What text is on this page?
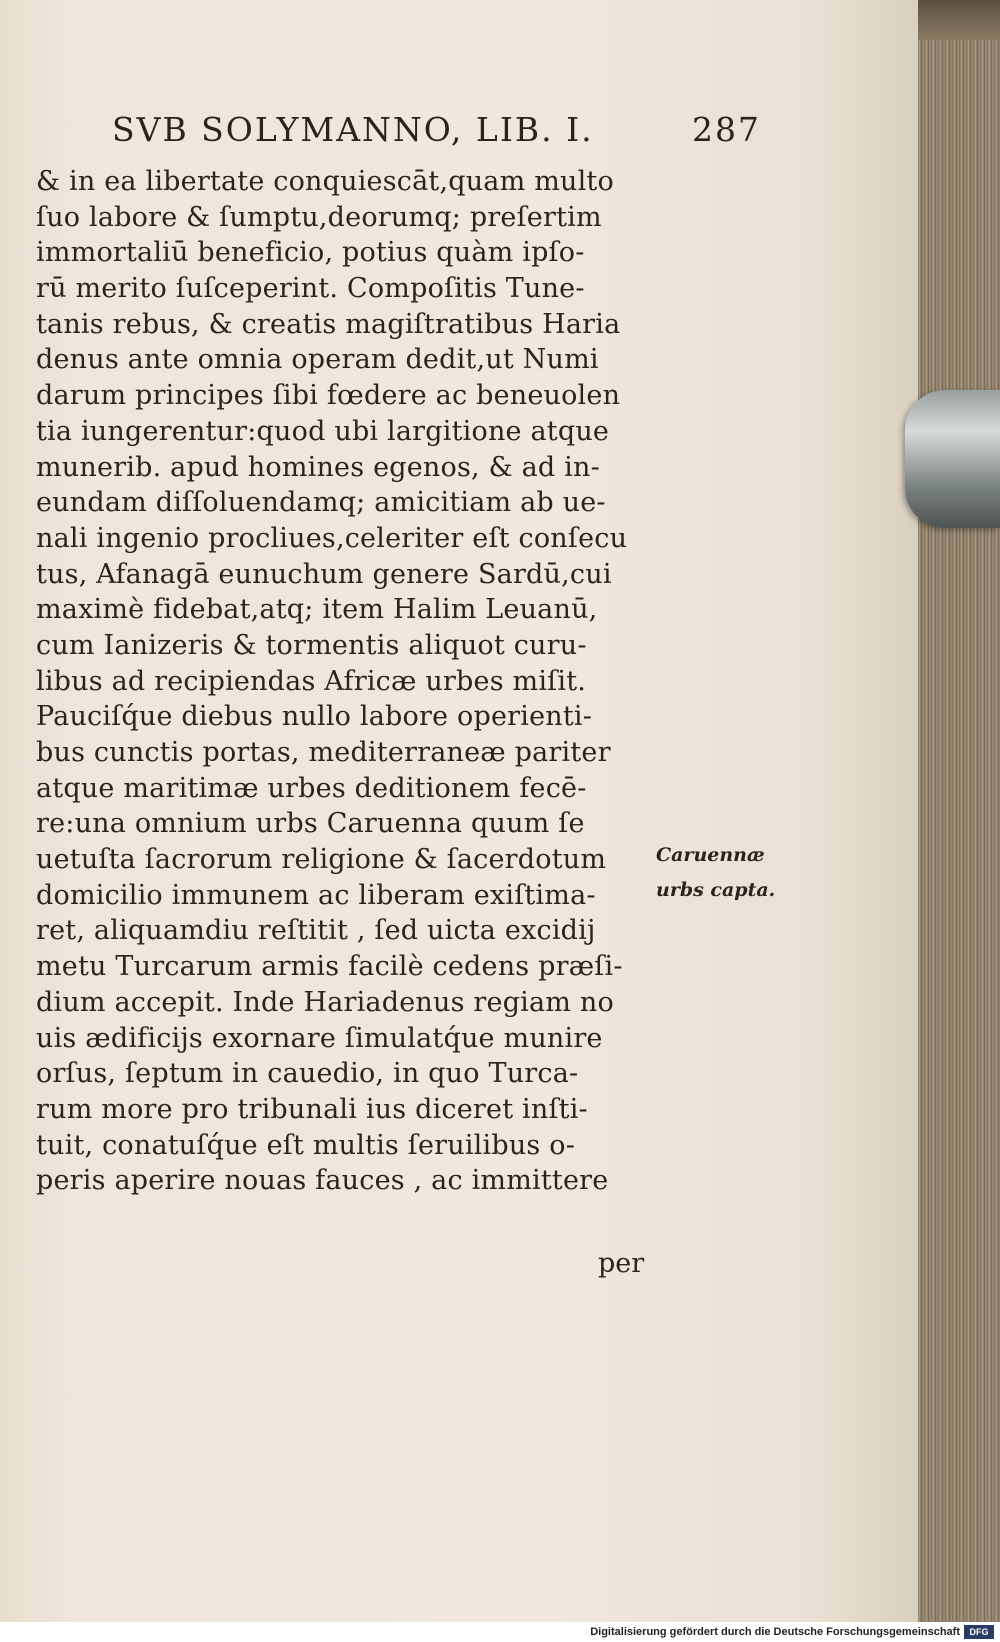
SVB SOLYMANNO, LIB. I.	287
& in ea libertate conquiescāt,quam multo
ſuo labore & ſumptu,deorumq; preſertim
immortaliū beneficio, potius quàm ipſo-
rū merito ſuſceperint. Compoſitis Tune-
tanis rebus, & creatis magiſtratibus Haria
denus ante omnia operam dedit,ut Numi
darum principes ſibi fœdere ac beneuolen
tia iungerentur:quod ubi largitione atque
munerib. apud homines egenos, & ad in-
eundam diſſoluendamq; amicitiam ab ue-
nali ingenio procliues,celeriter eſt conſecu
tus, Afanagā eunuchum genere Sardū,cui
maximè fidebat,atq; item Halim Leuanū,
cum Ianizeris & tormentis aliquot curu-
libus ad recipiendas Africæ urbes miſit.
Pauciſq́ue diebus nullo labore operienti-
bus cunctis portas, mediterraneæ pariter
atque maritimæ urbes deditionem fecē-
re:una omnium urbs Caruenna quum ſe
uetuſta ſacrorum religione & ſacerdotum
domicilio immunem ac liberam exiſtima-
ret, aliquamdiu reſtitit , ſed uicta excidij
metu Turcarum armis facilè cedens præſi-
dium accepit. Inde Hariadenus regiam no
uis ædificijs exornare ſimulatq́ue munire
orſus, ſeptum in cauedio, in quo Turca-
rum more pro tribunali ius diceret inſti-
tuit, conatuſq́ue eſt multis ſeruilibus o-
peris aperire nouas fauces , ac immittere
per
Caruennæ
urbs capta.
Digitalisierung gefördert durch die Deutsche Forschungsgemeinschaft	DFG
